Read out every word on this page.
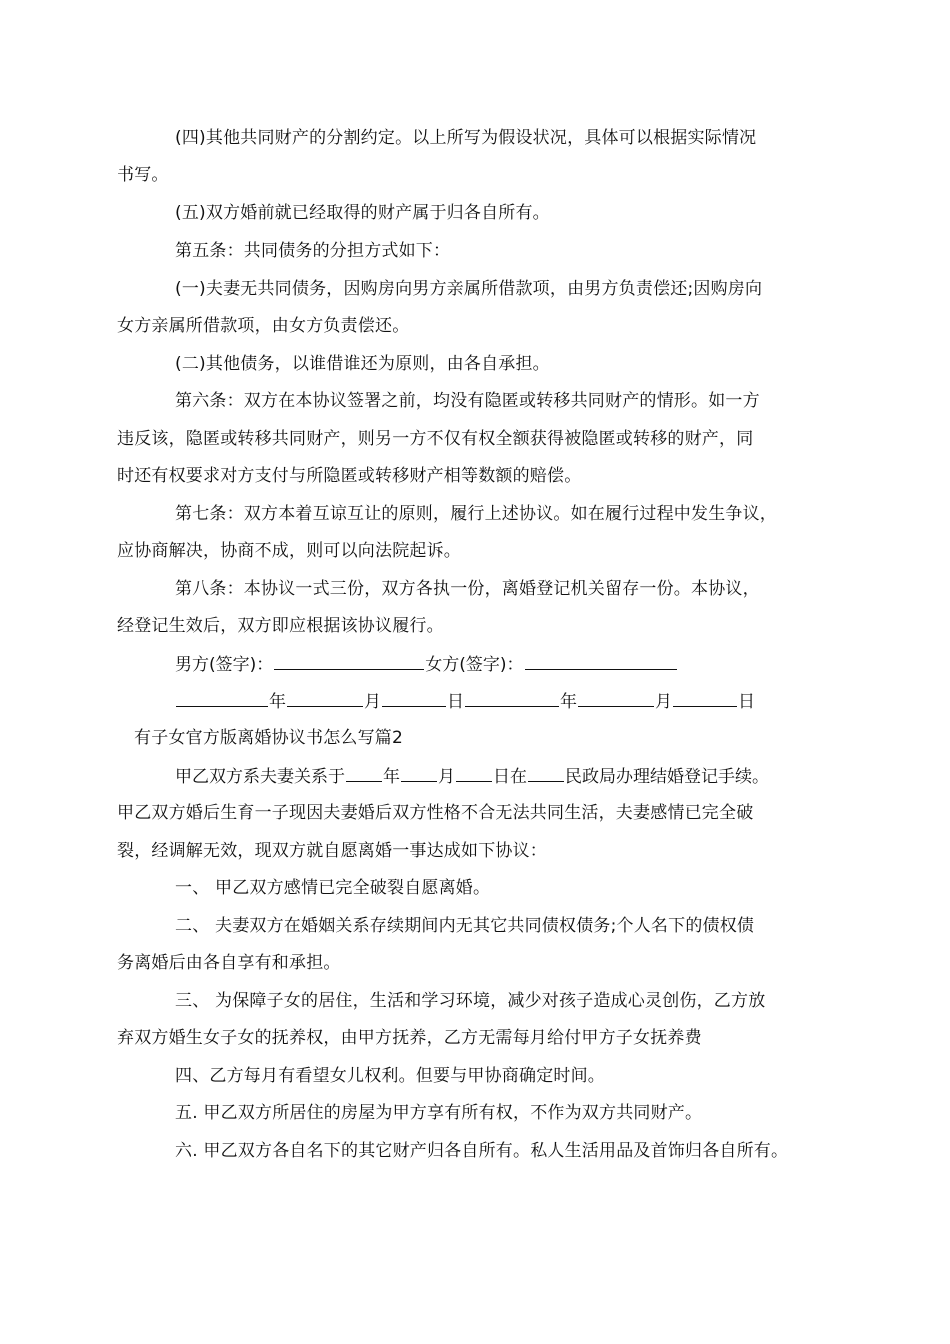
(四)其他共同财产的分割约定。以上所写为假设状况，具体可以根据实际情况

书写。

(五)双方婚前就已经取得的财产属于归各自所有。

第五条：共同债务的分担方式如下：

(一)夫妻无共同债务，因购房向男方亲属所借款项，由男方负责偿还;因购房向

女方亲属所借款项，由女方负责偿还。

(二)其他债务，以谁借谁还为原则，由各自承担。

第六条：双方在本协议签署之前，均没有隐匿或转移共同财产的情形。如一方

违反该，隐匿或转移共同财产，则另一方不仅有权全额获得被隐匿或转移的财产，同

时还有权要求对方支付与所隐匿或转移财产相等数额的赔偿。

第七条：双方本着互谅互让的原则，履行上述协议。如在履行过程中发生争议，

应协商解决，协商不成，则可以向法院起诉。

第八条：本协议一式三份，双方各执一份，离婚登记机关留存一份。本协议，

经登记生效后，双方即应根据该协议履行。

男方(签字)：	女方(签字)：
年	月	日	年	月	日

有子女官方版离婚协议书怎么写篇2

甲乙双方系夫妻关系于 年 月 日在 民政局办理结婚登记手续。

甲乙双方婚后生育一子现因夫妻婚后双方性格不合无法共同生活，夫妻感情已完全破

裂，经调解无效，现双方就自愿离婚一事达成如下协议：

一、 甲乙双方感情已完全破裂自愿离婚。

二、 夫妻双方在婚姻关系存续期间内无其它共同债权债务;个人名下的债权债

务离婚后由各自享有和承担。

三、 为保障子女的居住，生活和学习环境，减少对孩子造成心灵创伤，乙方放

弃双方婚生女子女的抚养权，由甲方抚养，乙方无需每月给付甲方子女抚养费

四、乙方每月有看望女儿权利。但要与甲协商确定时间。

五. 甲乙双方所居住的房屋为甲方享有所有权，不作为双方共同财产。

六. 甲乙双方各自名下的其它财产归各自所有。私人生活用品及首饰归各自所有。
